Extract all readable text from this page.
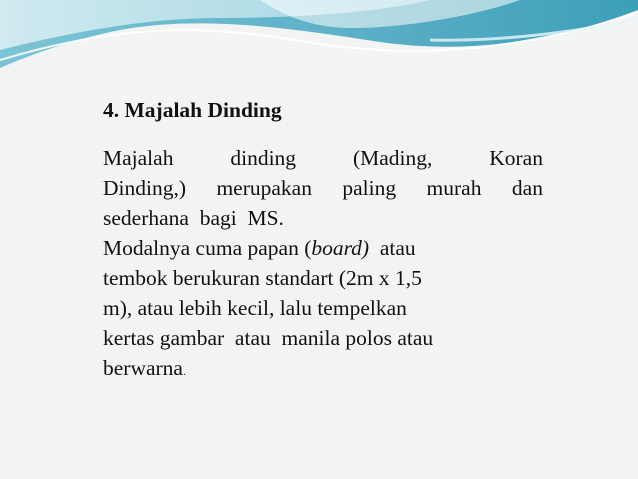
4. Majalah Dinding
Majalah	dinding	(Mading,	Koran
Dinding,) merupakan paling murah dan
sederhana  bagi  MS.
Modalnya cuma papan (board)  atau
tembok berukuran standart (2m x 1,5
m), atau lebih kecil, lalu tempelkan
kertas gambar  atau  manila polos atau
berwarna.
